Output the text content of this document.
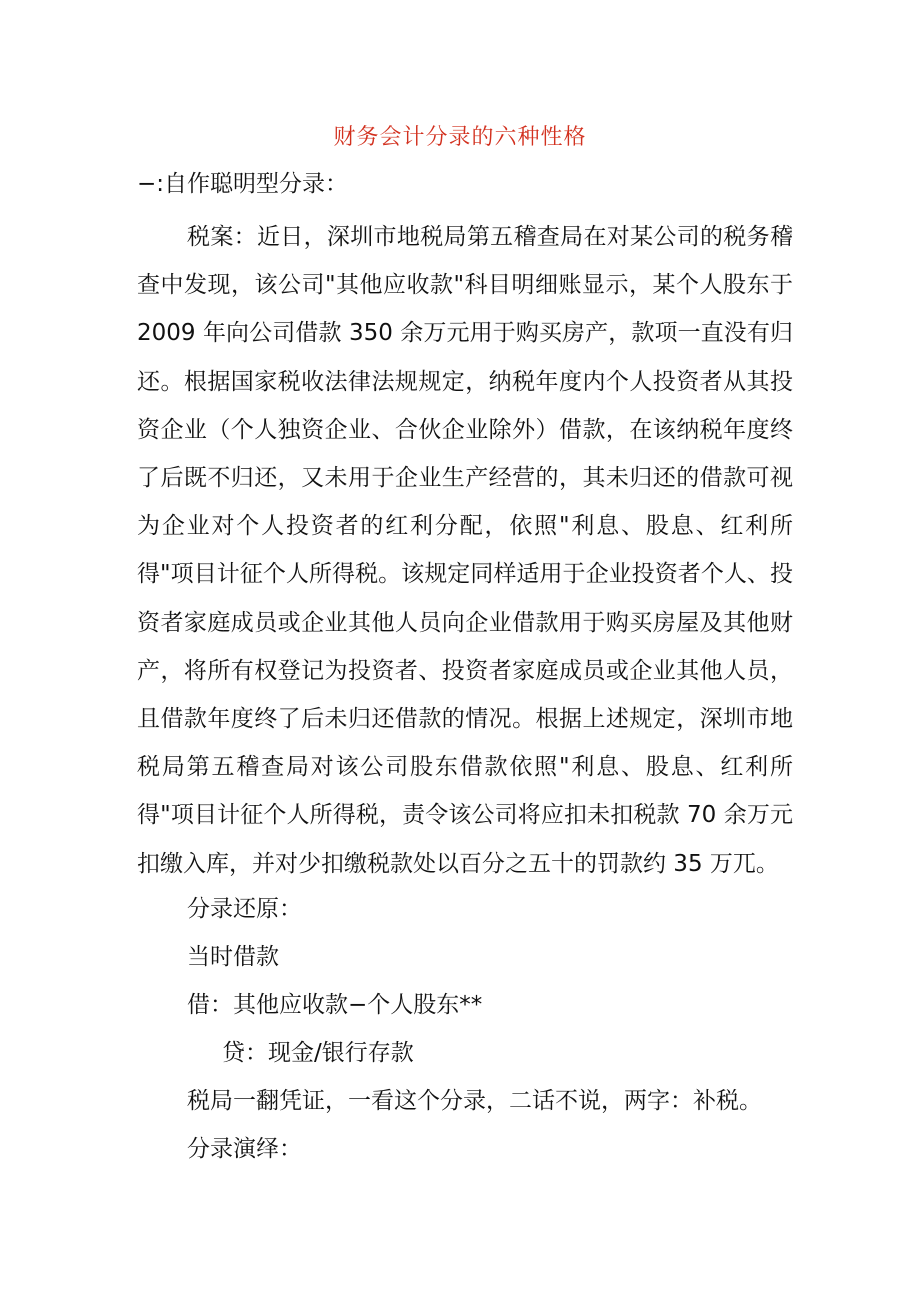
财务会计分录的六种性格
−:自作聪明型分录：

税案：近日，深圳市地税局第五稽查局在对某公司的税务稽查中发现，该公司"其他应收款"科目明细账显示，某个人股东于2009 年向公司借款 350 余万元用于购买房产，款项一直没有归还。根据国家税收法律法规规定，纳税年度内个人投资者从其投资企业（个人独资企业、合伙企业除外）借款，在该纳税年度终了后既不归还，又未用于企业生产经营的，其未归还的借款可视为企业对个人投资者的红利分配，依照"利息、股息、红利所得"项目计征个人所得税。该规定同样适用于企业投资者个人、投资者家庭成员或企业其他人员向企业借款用于购买房屋及其他财产，将所有权登记为投资者、投资者家庭成员或企业其他人员，且借款年度终了后未归还借款的情况。根据上述规定，深圳市地税局第五稽查局对该公司股东借款依照"利息、股息、红利所得"项目计征个人所得税，责令该公司将应扣未扣税款 70 余万元扣缴入库，并对少扣缴税款处以百分之五十的罚款约 35 万兀。

分录还原：
当时借款
借：其他应收款−个人股东**
贷：现金/银行存款
税局一翻凭证，一看这个分录，二话不说，两字：补税。
分录演绎：
